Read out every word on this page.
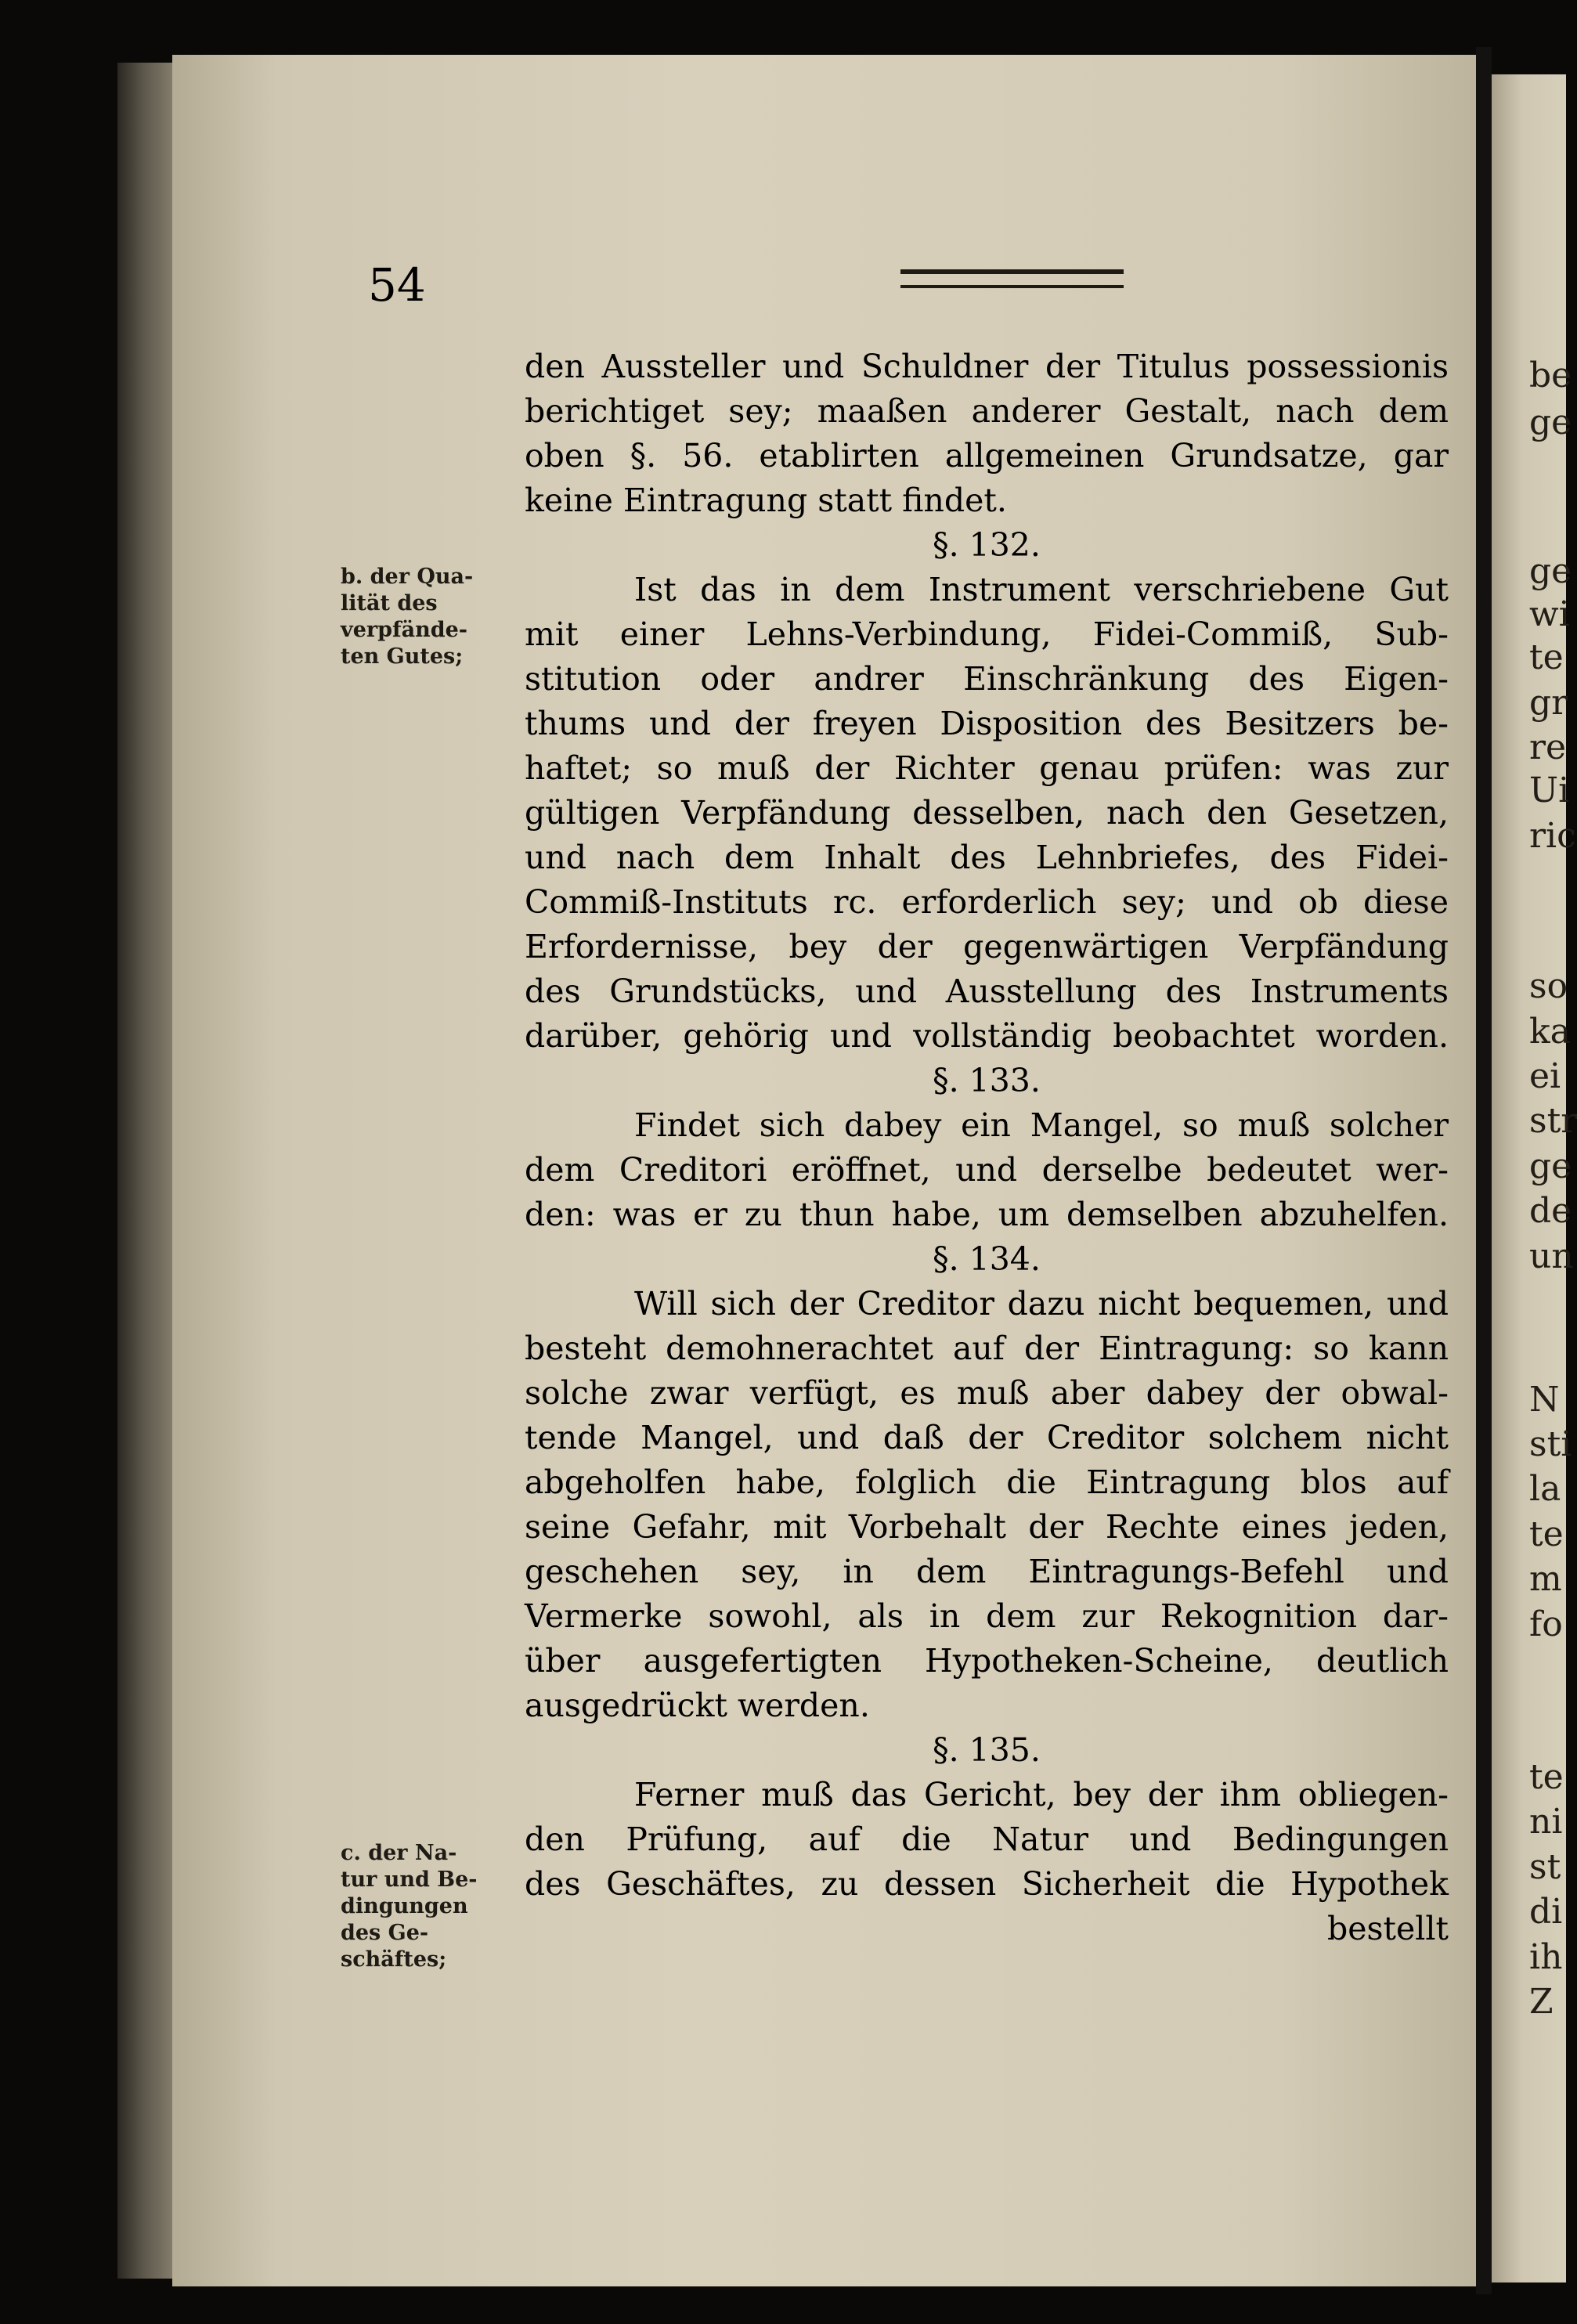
54
b. der Qua-
lität des
verpfände-
ten Gutes;
c. der Na-
tur und Be-
dingungen
des Ge-
schäftes;
den Aussteller und Schuldner der Titulus possessionis
berichtiget sey; maaßen anderer Gestalt, nach dem
oben §. 56. etablirten allgemeinen Grundsatze, gar
keine Eintragung statt findet.
§. 132.
Ist das in dem Instrument verschriebene Gut
mit einer Lehns-Verbindung, Fidei-Commiß, Sub-
stitution oder andrer Einschränkung des Eigen-
thums und der freyen Disposition des Besitzers be-
haftet; so muß der Richter genau prüfen: was zur
gültigen Verpfändung desselben, nach den Gesetzen,
und nach dem Inhalt des Lehnbriefes, des Fidei-
Commiß-Instituts rc. erforderlich sey; und ob diese
Erfordernisse, bey der gegenwärtigen Verpfändung
des Grundstücks, und Ausstellung des Instruments
darüber, gehörig und vollständig beobachtet worden.
§. 133.
Findet sich dabey ein Mangel, so muß solcher
dem Creditori eröffnet, und derselbe bedeutet wer-
den: was er zu thun habe, um demselben abzuhelfen.
§. 134.
Will sich der Creditor dazu nicht bequemen, und
besteht demohnerachtet auf der Eintragung: so kann
solche zwar verfügt, es muß aber dabey der obwal-
tende Mangel, und daß der Creditor solchem nicht
abgeholfen habe, folglich die Eintragung blos auf
seine Gefahr, mit Vorbehalt der Rechte eines jeden,
geschehen sey, in dem Eintragungs-Befehl und
Vermerke sowohl, als in dem zur Rekognition dar-
über ausgefertigten Hypotheken-Scheine, deutlich
ausgedrückt werden.
§. 135.
Ferner muß das Gericht, bey der ihm obliegen-
den Prüfung, auf die Natur und Bedingungen
des Geschäftes, zu dessen Sicherheit die Hypothek
bestellt
be
ge
ge
wi
te
gr
re
Ui
ric
so
ka
ei
str
ge
de
un
N
sti
la
te
m
fo
te
ni
st
di
ih
Z
